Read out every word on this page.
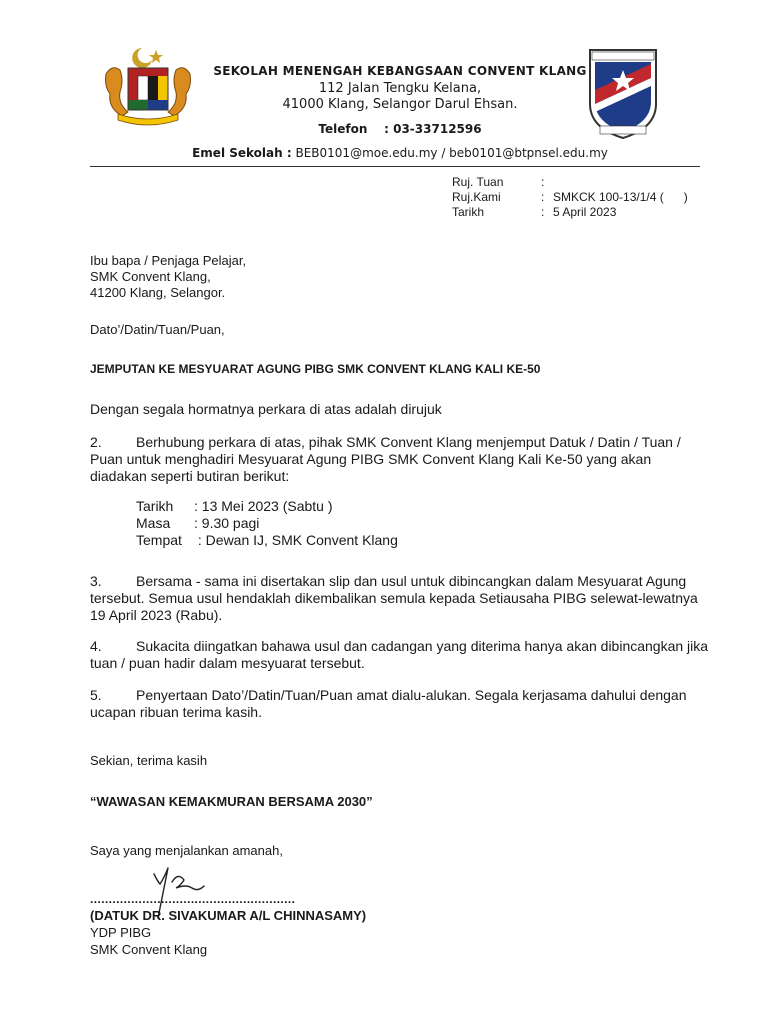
SEKOLAH MENENGAH KEBANGSAAN CONVENT KLANG
112 Jalan Tengku Kelana,
41000 Klang, Selangor Darul Ehsan.
Telefon : 03-33712596
Emel Sekolah : BEB0101@moe.edu.my / beb0101@btpnsel.edu.my
Ruj. Tuan	:
Ruj.Kami	: SMKCK 100-13/1/4 (      )
Tarikh	: 5 April 2023
Ibu bapa / Penjaga Pelajar,
SMK Convent Klang,
41200 Klang, Selangor.
Dato’/Datin/Tuan/Puan,
JEMPUTAN KE MESYUARAT AGUNG PIBG SMK CONVENT KLANG KALI KE-50
Dengan segala hormatnya perkara di atas adalah dirujuk
2. Berhubung perkara di atas, pihak SMK Convent Klang menjemput Datuk / Datin / Tuan /
Puan untuk menghadiri Mesyuarat Agung PIBG SMK Convent Klang Kali Ke-50 yang akan
diadakan seperti butiran berikut:
Tarikh : 13 Mei 2023 (Sabtu )
Masa : 9.30 pagi
Tempat : Dewan IJ, SMK Convent Klang
3. Bersama - sama ini disertakan slip dan usul untuk dibincangkan dalam Mesyuarat Agung
tersebut. Semua usul hendaklah dikembalikan semula kepada Setiausaha PIBG selewat-lewatnya
19 April 2023 (Rabu).
4. Sukacita diingatkan bahawa usul dan cadangan yang diterima hanya akan dibincangkan jika
tuan / puan hadir dalam mesyuarat tersebut.
5. Penyertaan Dato’/Datin/Tuan/Puan amat dialu-alukan. Segala kerjasama dahului dengan
ucapan ribuan terima kasih.
Sekian, terima kasih
“WAWASAN KEMAKMURAN BERSAMA 2030”
Saya yang menjalankan amanah,
.......................................................
(DATUK DR. SIVAKUMAR A/L CHINNASAMY)
YDP PIBG
SMK Convent Klang
